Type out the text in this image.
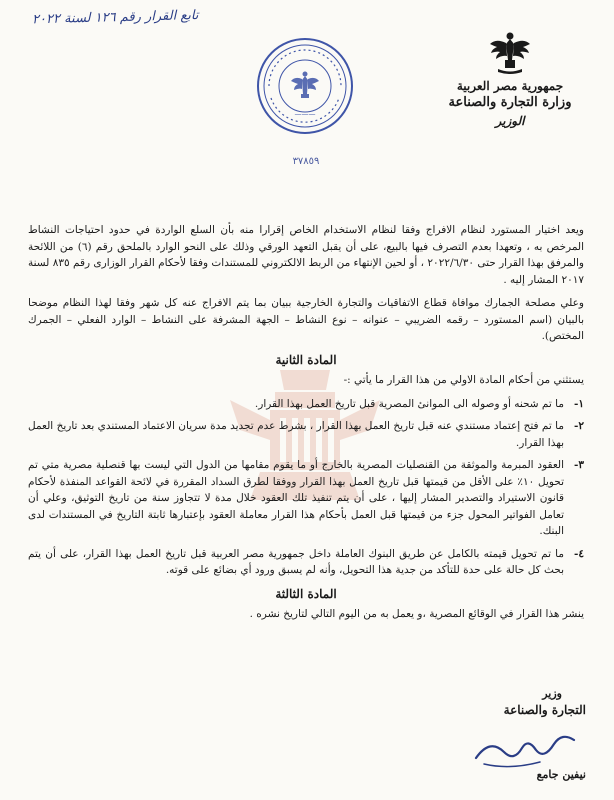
تابع القرار رقم ١٢٦ لسنة ٢٠٢٢
جمهورية مصر العربية
وزارة التجارة والصناعة
الوزير
———
٣٧٨٥٩

ويعد اختيار المستورد لنظام الافراج وفقا لنظام الاستخدام الخاص إقرارا منه بأن السلع الواردة في حدود احتياجات النشاط المرخص به ، وتعهدا بعدم التصرف فيها بالبيع، على أن يقبل التعهد الورقي وذلك على النحو الوارد بالملحق رقم (٦) من اللائحة والمرفق بهذا القرار حتى ٢٠٢٢/٦/٣٠ ، أو لحين الإنتهاء من الربط الالكتروني للمستندات وفقا لأحكام القرار الوزارى رقم ٨٣٥ لسنة ٢٠١٧ المشار إليه .

وعلي مصلحة الجمارك موافاة قطاع الاتفاقيات والتجارة الخارجية ببيان بما يتم الافراج عنه كل شهر وفقا لهذا النظام موضحا بالبيان (اسم المستورد – رقمه الضريبي – عنوانه – نوع النشاط – الجهة المشرفة على النشاط – الوارد الفعلي – الجمرك المختص).

المادة الثانية

يستثني من أحكام المادة الاولي من هذا القرار ما يأتي :-

١-
ما تم شحنه أو وصوله الى الموانئ المصرية قبل تاريخ العمل بهذا القرار.
٢-
ما تم فتح إعتماد مستندي عنه قبل تاريخ العمل بهذا القرار ، بشرط عدم تجديد مدة سريان الاعتماد المستندي بعد تاريخ العمل بهذا القرار.
٣-
العقود المبرمة والموثقة من القنصليات المصرية بالخارج أو ما يقوم مقامها من الدول التي ليست بها قنصلية مصرية متي تم تحويل ١٠٪ على الأقل من قيمتها قبل تاريخ العمل بهذا القرار ووفقا لطرق السداد المقررة في لائحة القواعد المنفذة لأحكام قانون الاستيراد والتصدير المشار إليها ، على أن يتم تنفيذ تلك العقود خلال مدة لا تتجاوز سنة من تاريخ التوثيق، وعلي أن تعامل الفواتير المحول جزء من قيمتها قبل العمل بأحكام هذا القرار معاملة العقود بإعتبارها ثابتة التاريخ في المستندات لدى البنك.
٤-
ما تم تحويل قيمته بالكامل عن طريق البنوك العاملة داخل جمهورية مصر العربية قبل تاريخ العمل بهذا القرار، على أن يتم بحث كل حالة على حدة للتأكد من جدية هذا التحويل، وأنه لم يسبق ورود أي بضائع على قوته.
المادة الثالثة

ينشر هذا القرار في الوقائع المصرية ،و يعمل به من اليوم التالي لتاريخ نشره .

وزير
التجارة والصناعة
نيفين جامع
